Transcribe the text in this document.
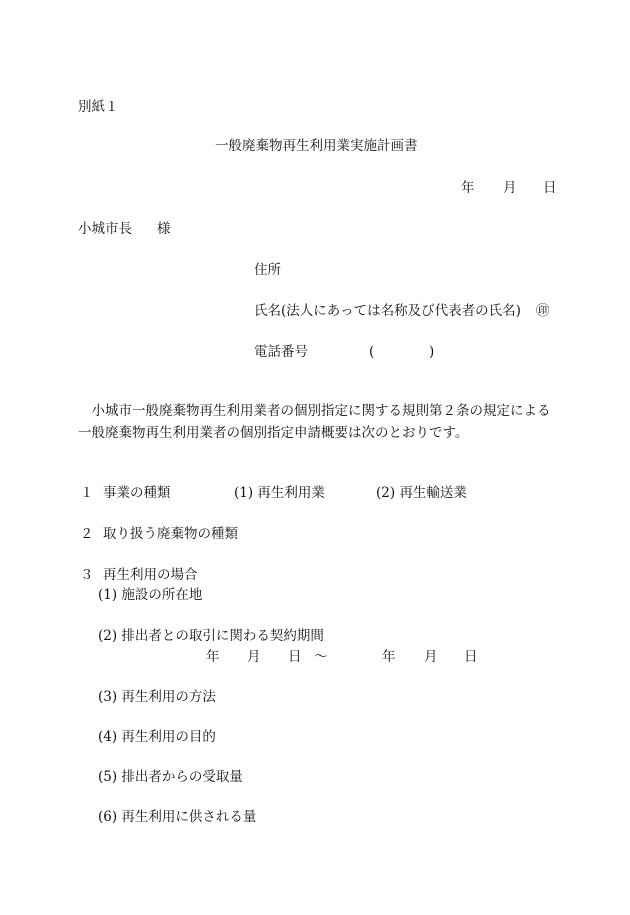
別紙１
一般廃棄物再生利用業実施計画書
年 月 日
小城市長 様
住所
氏名(法人にあっては名称及び代表者の氏名) ㊞
電話番号	(	)
　小城市一般廃棄物再生利用業者の個別指定に関する規則第２条の規定による
一般廃棄物再生利用業者の個別指定申請概要は次のとおりです。
１ 事業の種類	(1) 再生利用業	(2) 再生輸送業
２ 取り扱う廃棄物の種類
３ 再生利用の場合
(1) 施設の所在地
(2) 排出者との取引に関わる契約期間
年 月 日 〜	年 月 日
(3) 再生利用の方法
(4) 再生利用の目的
(5) 排出者からの受取量
(6) 再生利用に供される量
